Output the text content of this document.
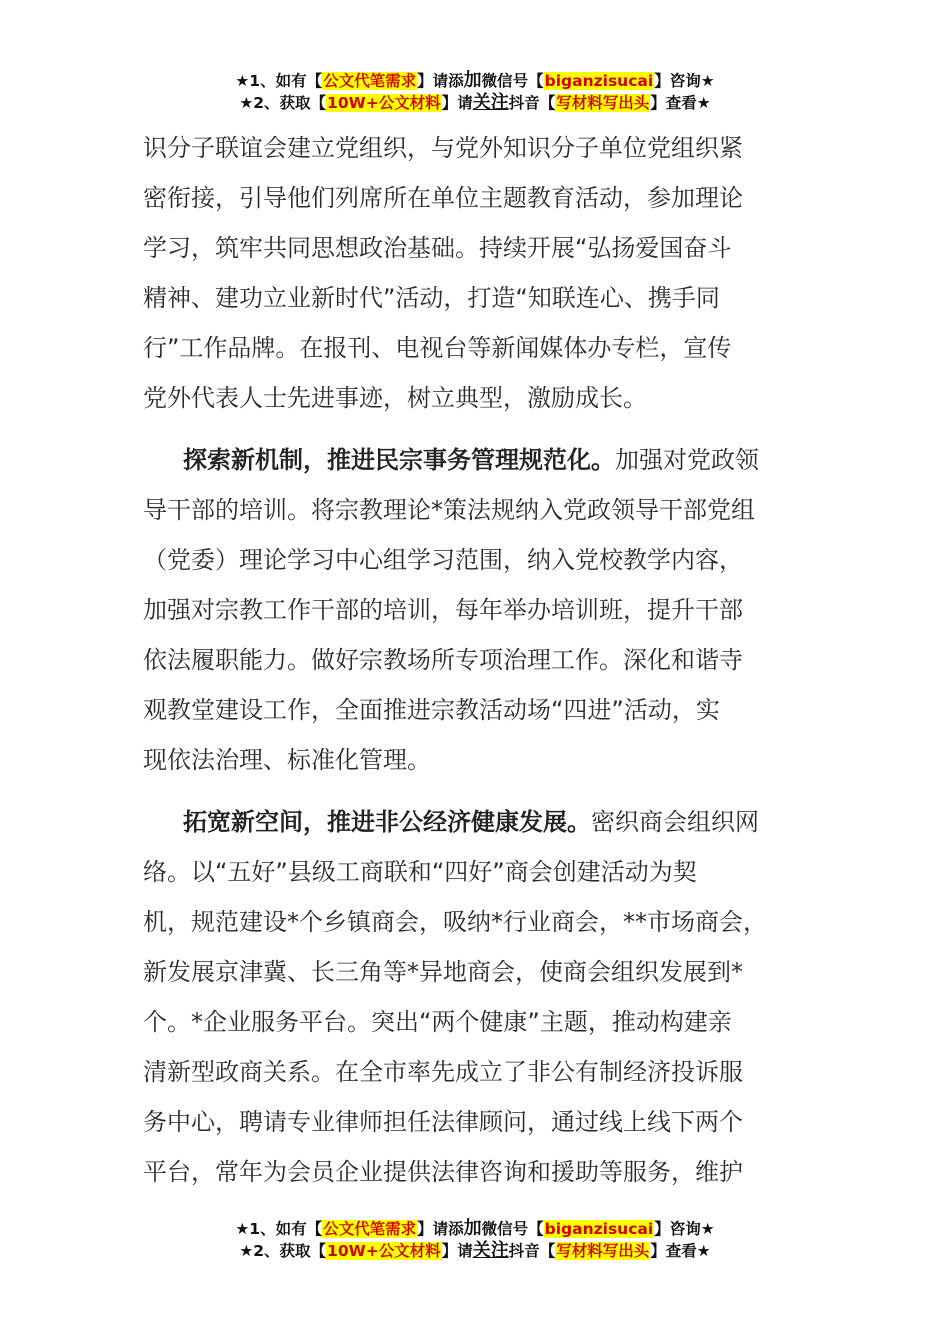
★1、如有【公文代笔需求】请添加微信号【biganzisucai】咨询★
★2、获取【10W+公文材料】请关注抖音【写材料写出头】查看★

识分子联谊会建立党组织，与党外知识分子单位党组织紧
密衔接，引导他们列席所在单位主题教育活动，参加理论
学习，筑牢共同思想政治基础。持续开展“弘扬爱国奋斗
精神、建功立业新时代”活动，打造“知联连心、携手同
行”工作品牌。在报刊、电视台等新闻媒体办专栏，宣传
党外代表人士先进事迹，树立典型，激励成长。

探索新机制，推进民宗事务管理规范化。加强对党政领
导干部的培训。将宗教理论*策法规纳入党政领导干部党组
（党委）理论学习中心组学习范围，纳入党校教学内容，
加强对宗教工作干部的培训，每年举办培训班，提升干部
依法履职能力。做好宗教场所专项治理工作。深化和谐寺
观教堂建设工作，全面推进宗教活动场“四进”活动，实
现依法治理、标准化管理。

拓宽新空间，推进非公经济健康发展。密织商会组织网
络。以“五好”县级工商联和“四好”商会创建活动为契
机，规范建设*个乡镇商会，吸纳*行业商会，**市场商会，
新发展京津冀、长三角等*异地商会，使商会组织发展到*
个。*企业服务平台。突出“两个健康”主题，推动构建亲
清新型政商关系。在全市率先成立了非公有制经济投诉服
务中心，聘请专业律师担任法律顾问，通过线上线下两个
平台，常年为会员企业提供法律咨询和援助等服务，维护

★1、如有【公文代笔需求】请添加微信号【biganzisucai】咨询★
★2、获取【10W+公文材料】请关注抖音【写材料写出头】查看★
